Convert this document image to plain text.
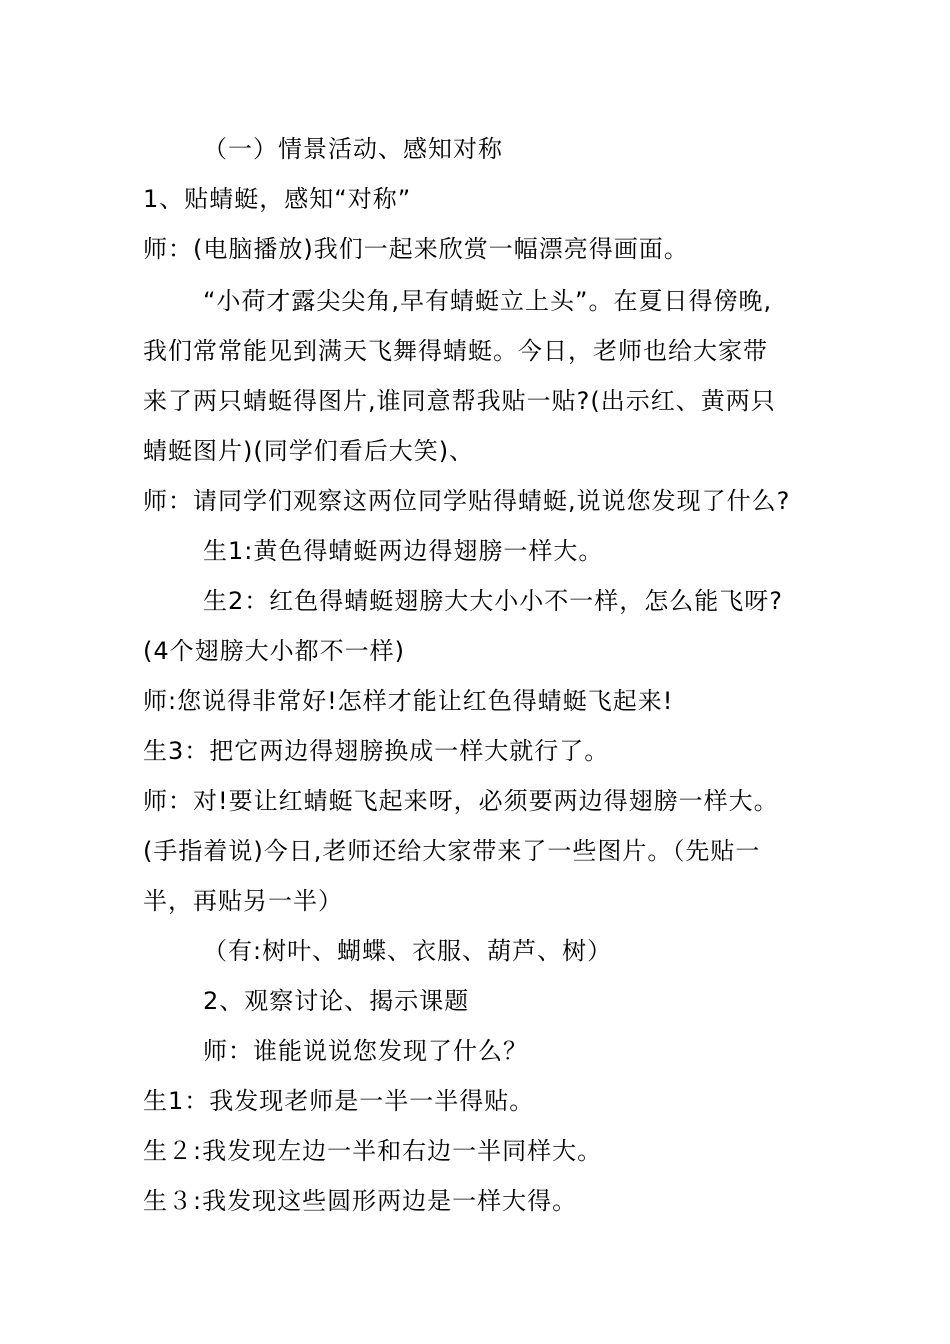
（一）情景活动、感知对称
1、贴蜻蜓，感知“对称”
师：(电脑播放)我们一起来欣赏一幅漂亮得画面。
“小荷才露尖尖角,早有蜻蜓立上头”。在夏日得傍晚,
我们常常能见到满天飞舞得蜻蜓。今日，老师也给大家带
来了两只蜻蜓得图片,谁同意帮我贴一贴?(出示红、黄两只
蜻蜓图片)(同学们看后大笑)、
师：请同学们观察这两位同学贴得蜻蜓,说说您发现了什么?
生1:黄色得蜻蜓两边得翅膀一样大。
生2：红色得蜻蜓翅膀大大小小不一样，怎么能飞呀?
(4个翅膀大小都不一样)
师:您说得非常好!怎样才能让红色得蜻蜓飞起来!
生3：把它两边得翅膀换成一样大就行了。
师：对!要让红蜻蜓飞起来呀，必须要两边得翅膀一样大。
(手指着说)今日,老师还给大家带来了一些图片。（先贴一
半，再贴另一半）
（有:树叶、蝴蝶、衣服、葫芦、树）
2、观察讨论、揭示课题
师：谁能说说您发现了什么？
生1：我发现老师是一半一半得贴。
生２:我发现左边一半和右边一半同样大。
生３:我发现这些圆形两边是一样大得。
